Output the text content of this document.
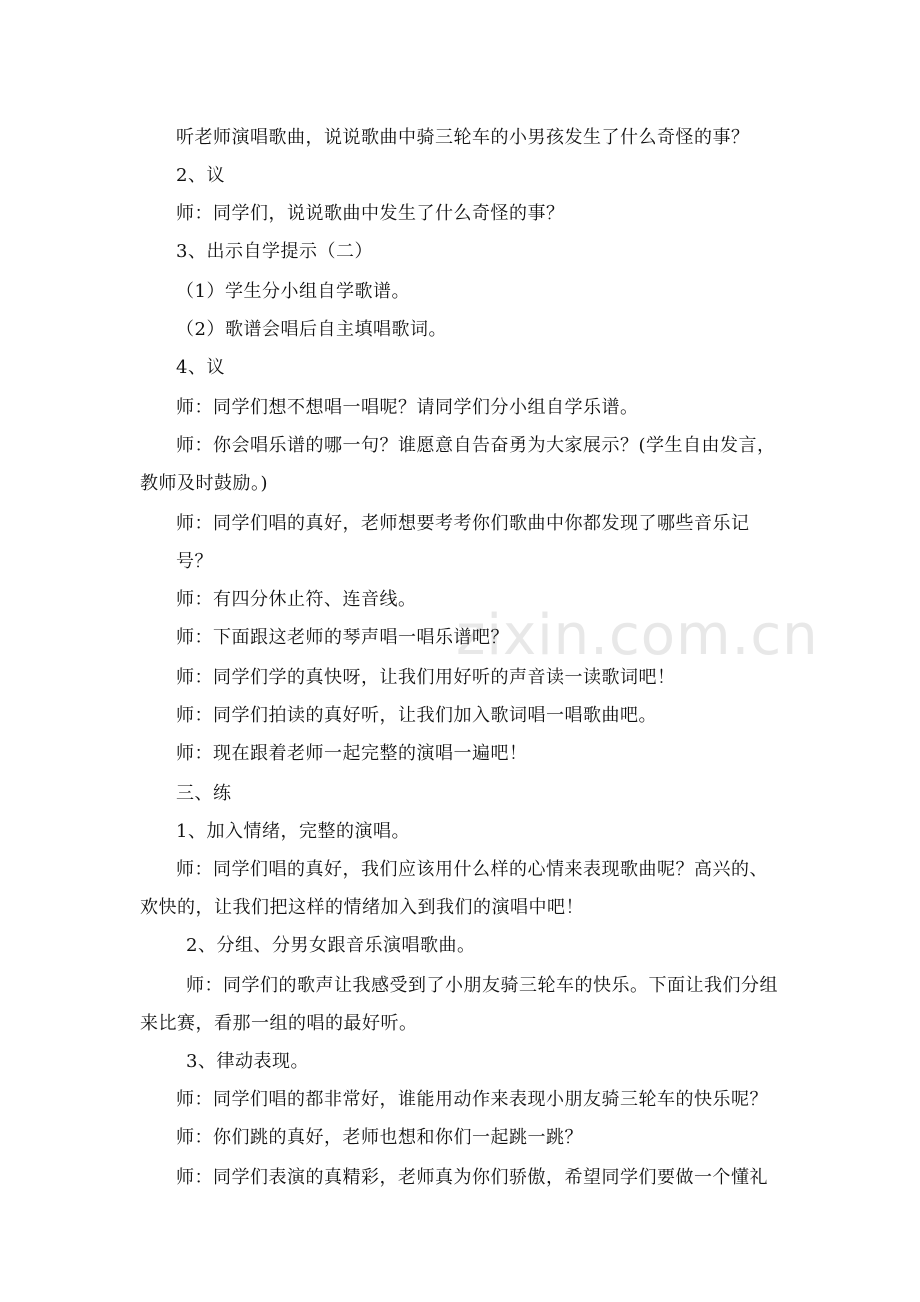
zixin.com.cn
听老师演唱歌曲，说说歌曲中骑三轮车的小男孩发生了什么奇怪的事？
2、议
师：同学们，说说歌曲中发生了什么奇怪的事？
3、出示自学提示（二）
（1）学生分小组自学歌谱。
（2）歌谱会唱后自主填唱歌词。
4、议
师：同学们想不想唱一唱呢？请同学们分小组自学乐谱。
师：你会唱乐谱的哪一句？谁愿意自告奋勇为大家展示？(学生自由发言，
教师及时鼓励。)
师：同学们唱的真好，老师想要考考你们歌曲中你都发现了哪些音乐记
号？
师：有四分休止符、连音线。
师：下面跟这老师的琴声唱一唱乐谱吧？
师：同学们学的真快呀，让我们用好听的声音读一读歌词吧！
师：同学们拍读的真好听，让我们加入歌词唱一唱歌曲吧。
师：现在跟着老师一起完整的演唱一遍吧！
三、练
1、加入情绪，完整的演唱。
师：同学们唱的真好，我们应该用什么样的心情来表现歌曲呢？高兴的、
欢快的，让我们把这样的情绪加入到我们的演唱中吧！
2、分组、分男女跟音乐演唱歌曲。
师：同学们的歌声让我感受到了小朋友骑三轮车的快乐。下面让我们分组
来比赛，看那一组的唱的最好听。
3、律动表现。
师：同学们唱的都非常好，谁能用动作来表现小朋友骑三轮车的快乐呢？
师：你们跳的真好，老师也想和你们一起跳一跳？
师：同学们表演的真精彩，老师真为你们骄傲，希望同学们要做一个懂礼
